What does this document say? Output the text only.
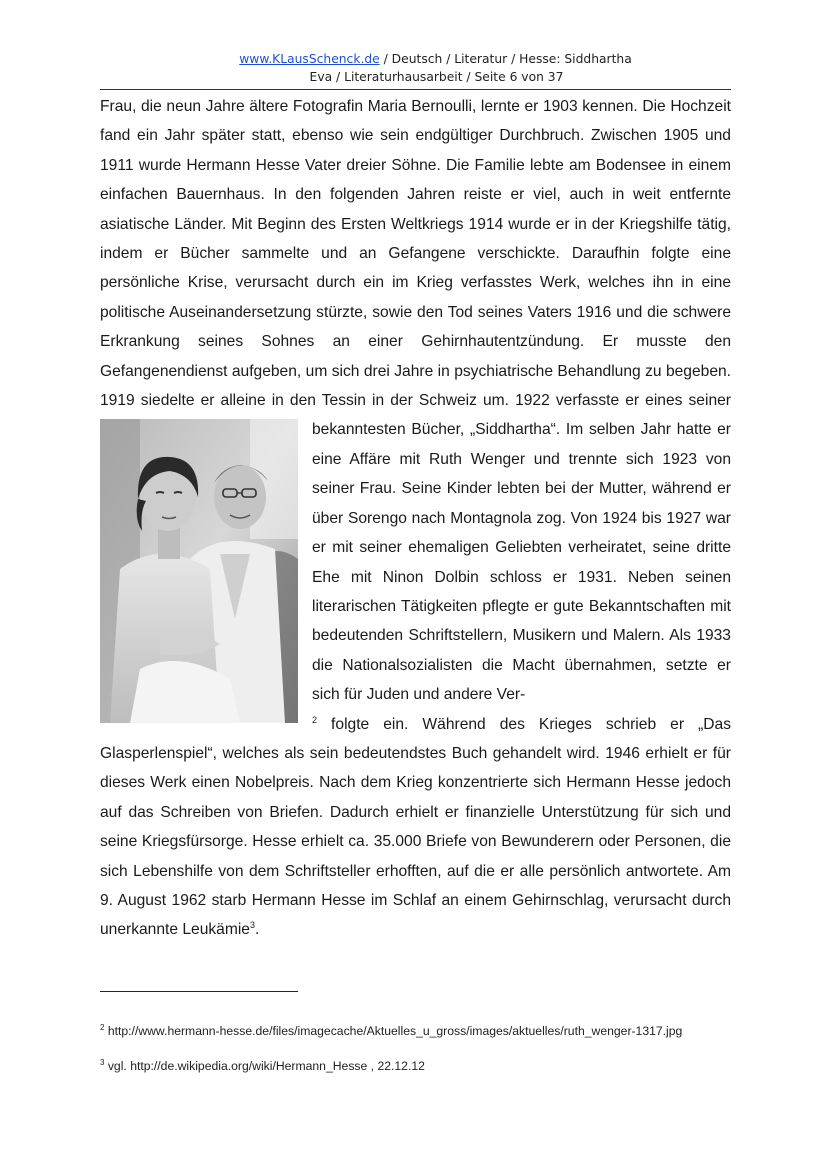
www.KLausSchenck.de / Deutsch / Literatur / Hesse: Siddhartha
Eva / Literaturhausarbeit / Seite 6 von 37

Frau, die neun Jahre ältere Fotografin Maria Bernoulli, lernte er 1903 kennen. Die Hochzeit fand ein Jahr später statt, ebenso wie sein endgültiger Durchbruch. Zwischen 1905 und 1911 wurde Hermann Hesse Vater dreier Söhne. Die Familie lebte am Bodensee in einem einfachen Bauernhaus. In den folgenden Jahren reiste er viel, auch in weit entfernte asiatische Länder. Mit Beginn des Ersten Weltkriegs 1914 wurde er in der Kriegshilfe tätig, indem er Bücher sammelte und an Gefangene verschickte. Daraufhin folgte eine persönliche Krise, verursacht durch ein im Krieg verfasstes Werk, welches ihn in eine politische Auseinandersetzung stürzte, sowie den Tod seines Vaters 1916 und die schwere Erkrankung seines Sohnes an einer Gehirnhautentzündung. Er musste den Gefangenendienst aufgeben, um sich drei Jahre in psychiatrische Behandlung zu begeben. 1919 siedelte er alleine in den Tessin in der Schweiz um. 1922 verfasste er eines seiner bekanntesten Bücher, „Siddhartha“. Im selben Jahr hatte er eine Affäre mit Ruth Wenger und trennte sich 1923 von seiner Frau. Seine Kinder lebten bei der Mutter, während er über Sorengo nach Montagnola zog. Von 1924 bis 1927 war er mit seiner ehemaligen Geliebten verheiratet, seine dritte Ehe mit Ninon Dolbin schloss er 1931. Neben seinen literarischen Tätigkeiten pflegte er gute Bekanntschaften mit bedeutenden Schriftstellern, Musikern und Malern. Als 1933 die Nationalsozialisten die Macht übernahmen, setzte er sich für Juden und andere Ver-
$^2$ folgte ein. Während des Krieges schrieb er „Das Glasperlenspiel“, welches als sein bedeutendstes Buch gehandelt wird. 1946 erhielt er für dieses Werk einen Nobelpreis. Nach dem Krieg konzentrierte sich Hermann Hesse jedoch auf das Schreiben von Briefen. Dadurch erhielt er finanzielle Unterstützung für sich und seine Kriegsfürsorge. Hesse erhielt ca. 35.000 Briefe von Bewunderern oder Personen, die sich Lebenshilfe von dem Schriftsteller erhofften, auf die er alle persönlich antwortete. Am 9. August 1962 starb Hermann Hesse im Schlaf an einem Gehirnschlag, verursacht durch unerkannte Leukämie$^3$.

$^2$ http://www.hermann-hesse.de/files/imagecache/Aktuelles_u_gross/images/aktuelles/ruth_wenger-1317.jpg

$^3$ vgl. http://de.wikipedia.org/wiki/Hermann_Hesse , 22.12.12
